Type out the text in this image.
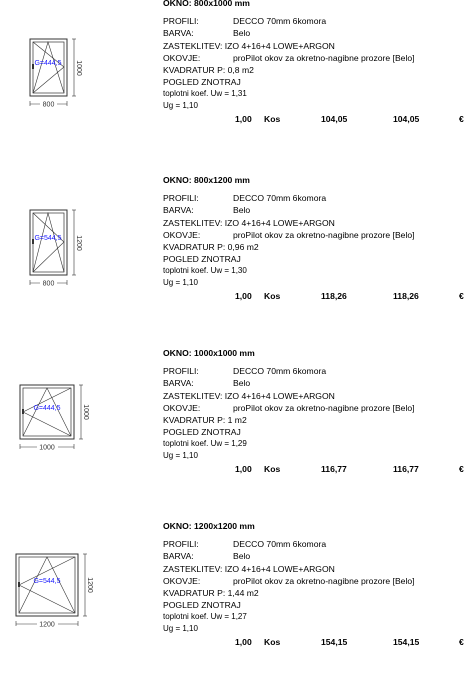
G=444,5 1000
800
OKNO: 800x1000 mm
PROFILI:	DECCO 70mm 6komora
BARVA:	Belo
ZASTEKLITEV: IZO 4+16+4 LOWE+ARGON
OKOVJE:	proPilot okov za okretno-nagibne prozore [Belo]
KVADRATUR P: 0,8 m2
POGLED ZNOTRAJ
toplotni koef. Uw = 1,31
Ug = 1,10
1,00 Kos	104,05	104,05	€
G=544,5 1200
800
OKNO: 800x1200 mm
PROFILI:	DECCO 70mm 6komora
BARVA:	Belo
ZASTEKLITEV: IZO 4+16+4 LOWE+ARGON
OKOVJE:	proPilot okov za okretno-nagibne prozore [Belo]
KVADRATUR P: 0,96 m2
POGLED ZNOTRAJ
toplotni koef. Uw = 1,30
Ug = 1,10
1,00 Kos	118,26	118,26	€
G=444,5	1000
1000
OKNO: 1000x1000 mm
PROFILI:	DECCO 70mm 6komora
BARVA:	Belo
ZASTEKLITEV: IZO 4+16+4 LOWE+ARGON
OKOVJE:	proPilot okov za okretno-nagibne prozore [Belo]
KVADRATUR P: 1 m2
POGLED ZNOTRAJ
toplotni koef. Uw = 1,29
Ug = 1,10
1,00 Kos	116,77	116,77	€
G=544,5	1200
1200
OKNO: 1200x1200 mm
PROFILI:	DECCO 70mm 6komora
BARVA:	Belo
ZASTEKLITEV: IZO 4+16+4 LOWE+ARGON
OKOVJE:	proPilot okov za okretno-nagibne prozore [Belo]
KVADRATUR P: 1,44 m2
POGLED ZNOTRAJ
toplotni koef. Uw = 1,27
Ug = 1,10
1,00 Kos	154,15	154,15	€
